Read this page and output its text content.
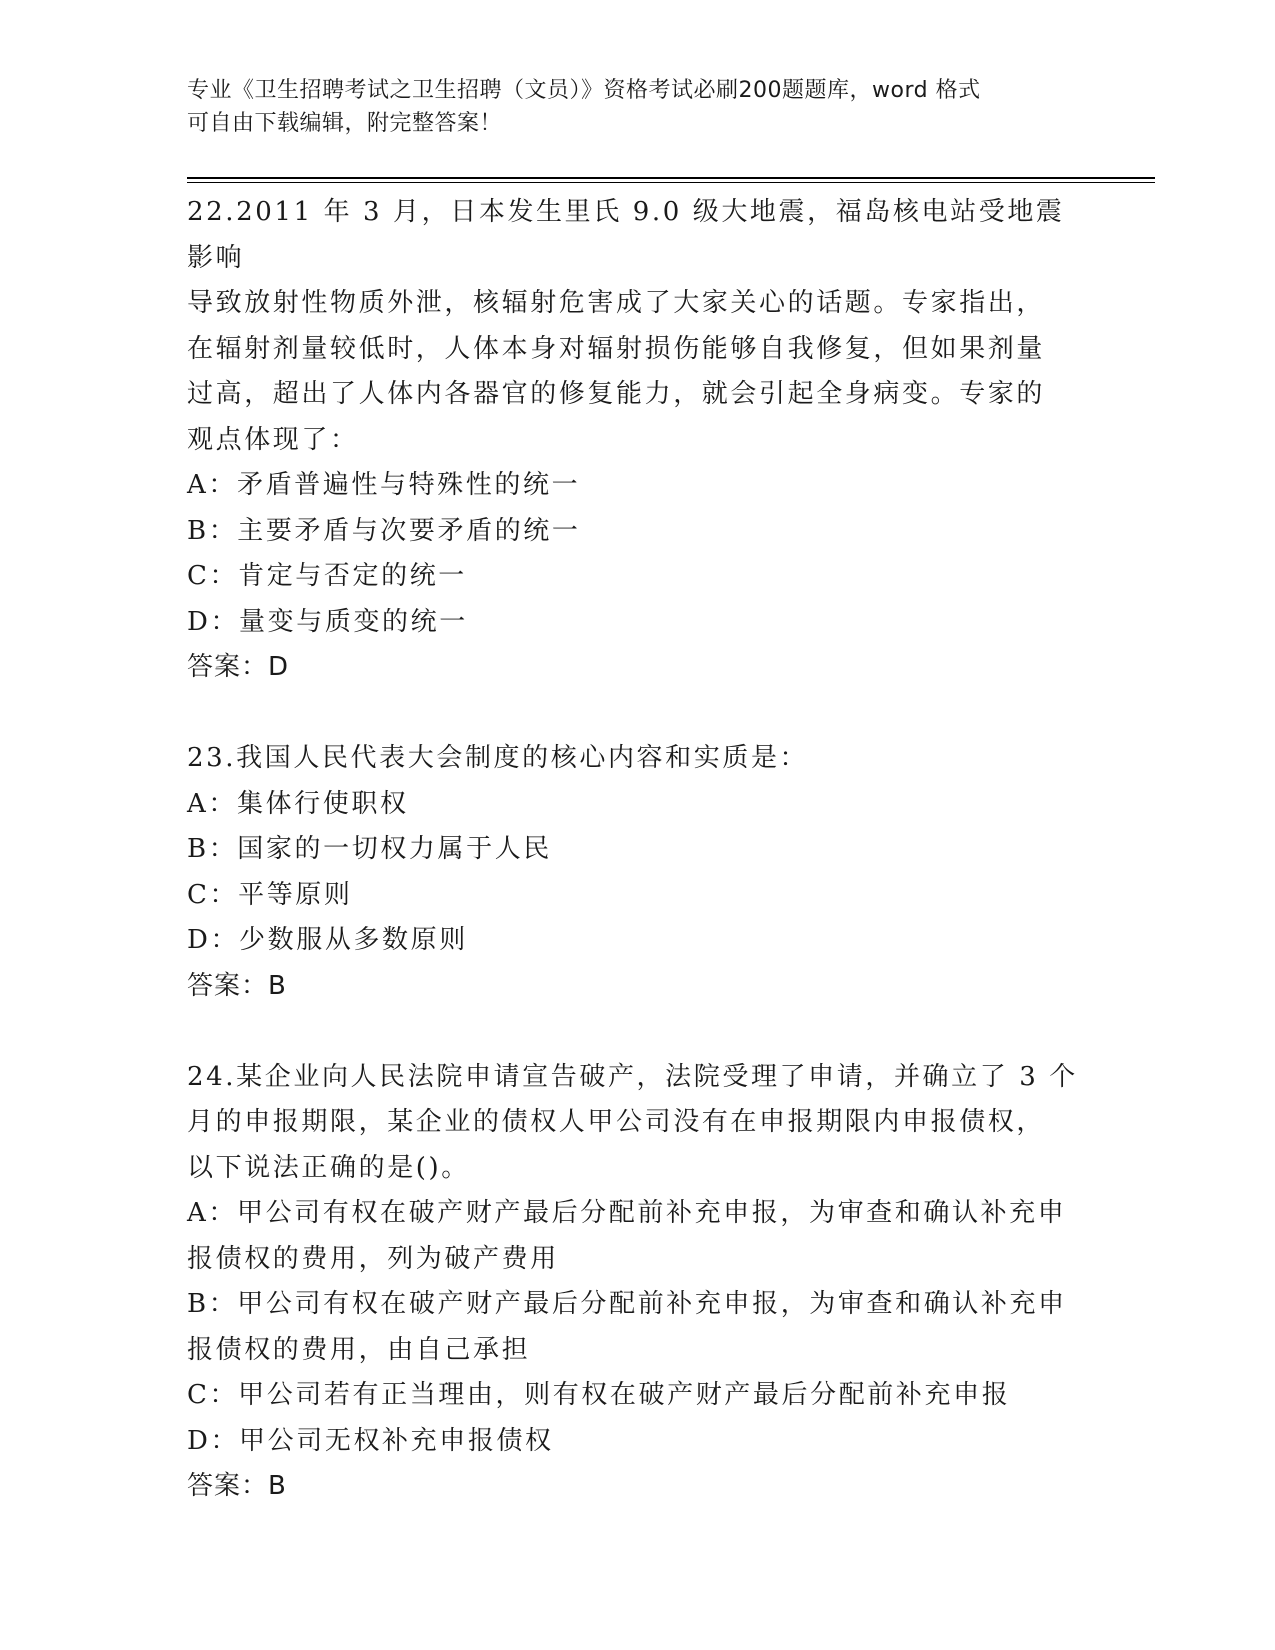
专业《卫生招聘考试之卫生招聘（文员）》资格考试必刷200题题库，word 格式
可自由下载编辑，附完整答案！

22.2011 年 3 月，日本发生里氏 9.0 级大地震，福岛核电站受地震影响

导致放射性物质外泄，核辐射危害成了大家关心的话题。专家指出，

在辐射剂量较低时，人体本身对辐射损伤能够自我修复，但如果剂量

过高，超出了人体内各器官的修复能力，就会引起全身病变。专家的

观点体现了：

A：矛盾普遍性与特殊性的统一

B：主要矛盾与次要矛盾的统一

C：肯定与否定的统一

D：量变与质变的统一

答案：D

23.我国人民代表大会制度的核心内容和实质是：

A：集体行使职权

B：国家的一切权力属于人民

C：平等原则

D：少数服从多数原则

答案：B

24.某企业向人民法院申请宣告破产，法院受理了申请，并确立了 3 个

月的申报期限，某企业的债权人甲公司没有在申报期限内申报债权，

以下说法正确的是()。

A：甲公司有权在破产财产最后分配前补充申报，为审查和确认补充申

报债权的费用，列为破产费用

B：甲公司有权在破产财产最后分配前补充申报，为审查和确认补充申

报债权的费用，由自己承担

C：甲公司若有正当理由，则有权在破产财产最后分配前补充申报

D：甲公司无权补充申报债权

答案：B
